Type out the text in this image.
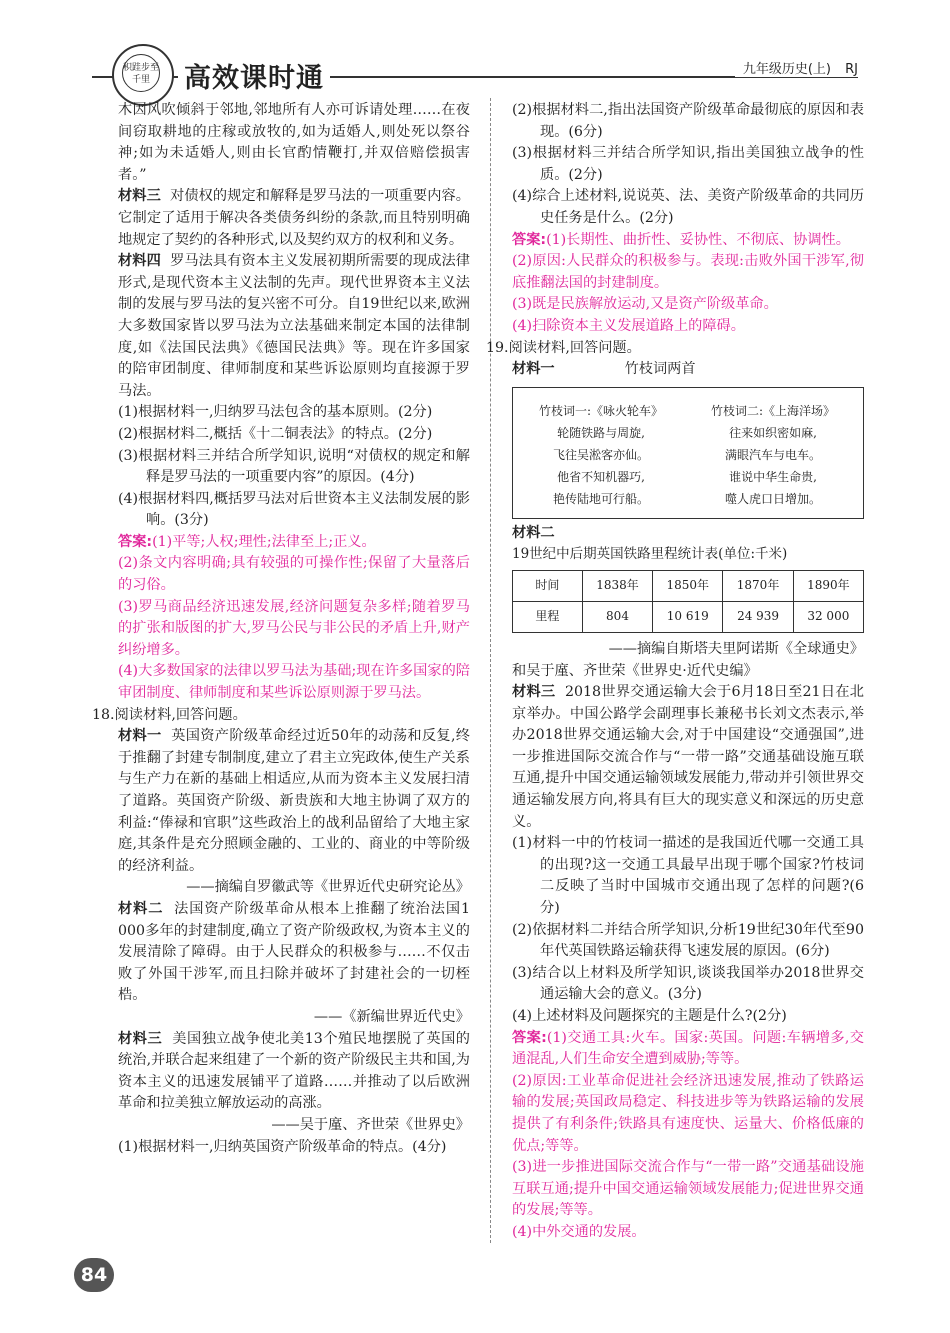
积跬步至千里	高效课时通	九年级历史(上) RJ

木因风吹倾斜于邻地,邻地所有人亦可诉请处理……在夜间窃取耕地的庄稼或放牧的,如为适婚人,则处死以祭谷神;如为未适婚人,则由长官酌情鞭打,并双倍赔偿损害者。”

材料三 对债权的规定和解释是罗马法的一项重要内容。它制定了适用于解决各类债务纠纷的条款,而且特别明确地规定了契约的各种形式,以及契约双方的权利和义务。

材料四 罗马法具有资本主义发展初期所需要的现成法律形式,是现代资本主义法制的先声。现代世界资本主义法制的发展与罗马法的复兴密不可分。自19世纪以来,欧洲大多数国家皆以罗马法为立法基础来制定本国的法律制度,如《法国民法典》《德国民法典》等。现在许多国家的陪审团制度、律师制度和某些诉讼原则均直接源于罗马法。

(1)根据材料一,归纳罗马法包含的基本原则。(2分)

(2)根据材料二,概括《十二铜表法》的特点。(2分)

(3)根据材料三并结合所学知识,说明“对债权的规定和解释是罗马法的一项重要内容”的原因。(4分)

(4)根据材料四,概括罗马法对后世资本主义法制发展的影响。(3分)

答案:(1)平等;人权;理性;法律至上;正义。

(2)条文内容明确;具有较强的可操作性;保留了大量落后的习俗。

(3)罗马商品经济迅速发展,经济问题复杂多样;随着罗马的扩张和版图的扩大,罗马公民与非公民的矛盾上升,财产纠纷增多。

(4)大多数国家的法律以罗马法为基础;现在许多国家的陪审团制度、律师制度和某些诉讼原则源于罗马法。

18.阅读材料,回答问题。

材料一 英国资产阶级革命经过近50年的动荡和反复,终于推翻了封建专制制度,建立了君主立宪政体,使生产关系与生产力在新的基础上相适应,从而为资本主义发展扫清了道路。英国资产阶级、新贵族和大地主协调了双方的利益:“俸禄和官职”这些政治上的战利品留给了大地主家庭,其条件是充分照顾金融的、工业的、商业的中等阶级的经济利益。

——摘编自罗徽武等《世界近代史研究论丛》

材料二 法国资产阶级革命从根本上推翻了统治法国1 000多年的封建制度,确立了资产阶级政权,为资本主义的发展清除了障碍。由于人民群众的积极参与……不仅击败了外国干涉军,而且扫除并破坏了封建社会的一切桎梏。

——《新编世界近代史》

材料三 美国独立战争使北美13个殖民地摆脱了英国的统治,并联合起来组建了一个新的资产阶级民主共和国,为资本主义的迅速发展铺平了道路……并推动了以后欧洲革命和拉美独立解放运动的高涨。

——吴于廑、齐世荣《世界史》

(1)根据材料一,归纳英国资产阶级革命的特点。(4分)

(2)根据材料二,指出法国资产阶级革命最彻底的原因和表现。(6分)

(3)根据材料三并结合所学知识,指出美国独立战争的性质。(2分)

(4)综合上述材料,说说英、法、美资产阶级革命的共同历史任务是什么。(2分)

答案:(1)长期性、曲折性、妥协性、不彻底、协调性。

(2)原因:人民群众的积极参与。表现:击败外国干涉军,彻底推翻法国的封建制度。

(3)既是民族解放运动,又是资产阶级革命。

(4)扫除资本主义发展道路上的障碍。

19.阅读材料,回答问题。

材料一	竹枝词两首

竹枝词一:《咏火轮车》
轮随铁路与周旋,
飞往吴淞客亦仙。
他省不知机器巧,
艳传陆地可行船。
竹枝词二:《上海洋场》
往来如织密如麻,
满眼汽车与电车。
谁说中华生命贵,
噬人虎口日增加。

材料二

19世纪中后期英国铁路里程统计表(单位:千米)

时间	1838年	1850年	1870年	1890年
里程	804	10 619	24 939	32 000

——摘编自斯塔夫里阿诺斯《全球通史》

和吴于廑、齐世荣《世界史·近代史编》

材料三 2018世界交通运输大会于6月18日至21日在北京举办。中国公路学会副理事长兼秘书长刘文杰表示,举办2018世界交通运输大会,对于中国建设“交通强国”,进一步推进国际交流合作与“一带一路”交通基础设施互联互通,提升中国交通运输领域发展能力,带动并引领世界交通运输发展方向,将具有巨大的现实意义和深远的历史意义。

(1)材料一中的竹枝词一描述的是我国近代哪一交通工具的出现?这一交通工具最早出现于哪个国家?竹枝词二反映了当时中国城市交通出现了怎样的问题?(6分)

(2)依据材料二并结合所学知识,分析19世纪30年代至90年代英国铁路运输获得飞速发展的原因。(6分)

(3)结合以上材料及所学知识,谈谈我国举办2018世界交通运输大会的意义。(3分)

(4)上述材料及问题探究的主题是什么?(2分)

答案:(1)交通工具:火车。国家:英国。问题:车辆增多,交通混乱,人们生命安全遭到威胁;等等。

(2)原因:工业革命促进社会经济迅速发展,推动了铁路运输的发展;英国政局稳定、科技进步等为铁路运输的发展提供了有利条件;铁路具有速度快、运量大、价格低廉的优点;等等。

(3)进一步推进国际交流合作与“一带一路”交通基础设施互联互通;提升中国交通运输领域发展能力;促进世界交通的发展;等等。

(4)中外交通的发展。

84
